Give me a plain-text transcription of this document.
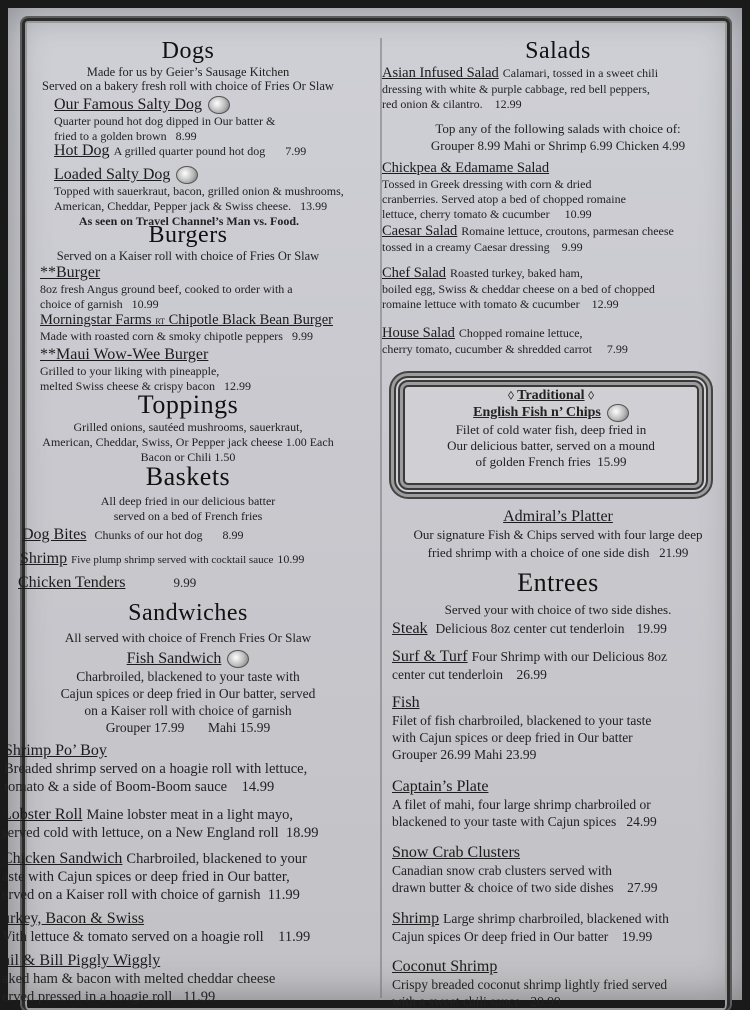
Dogs
Made for us by Geier’s Sausage Kitchen
Served on a bakery fresh roll with choice of Fries Or Slaw
Our Famous Salty Dog
Quarter pound hot dog dipped in Our batter &
fried to a golden brown 8.99
Hot Dog A grilled quarter pound hot dog 7.99
Loaded Salty Dog
Topped with sauerkraut, bacon, grilled onion & mushrooms,
American, Cheddar, Pepper jack & Swiss cheese. 13.99
As seen on Travel Channel’s Man vs. Food.
Burgers
Served on a Kaiser roll with choice of Fries Or Slaw
**Burger
8oz fresh Angus ground beef, cooked to order with a
choice of garnish 10.99
Morningstar Farms RT Chipotle Black Bean Burger
Made with roasted corn & smoky chipotle peppers 9.99
**Maui Wow-Wee Burger
Grilled to your liking with pineapple,
melted Swiss cheese & crispy bacon 12.99
Toppings
Grilled onions, sautéed mushrooms, sauerkraut,
American, Cheddar, Swiss, Or Pepper jack cheese 1.00 Each
Bacon or Chili 1.50
Baskets
All deep fried in our delicious batter
served on a bed of French fries
Dog Bites Chunks of our hot dog 8.99
Shrimp Five plump shrimp served with cocktail sauce 10.99
Chicken Tenders	9.99
Sandwiches
All served with choice of French Fries Or Slaw
Fish Sandwich
Charbroiled, blackened to your taste with
Cajun spices or deep fried in Our batter, served
on a Kaiser roll with choice of garnish
Grouper 17.99 Mahi 15.99
Shrimp Po’ Boy
Breaded shrimp served on a hoagie roll with lettuce,
tomato & a side of Boom-Boom sauce 14.99
Lobster Roll Maine lobster meat in a light mayo,
served cold with lettuce, on a New England roll 18.99
Chicken Sandwich Charbroiled, blackened to your
aste with Cajun spices or deep fried in Our batter,
erved on a Kaiser roll with choice of garnish 11.99
urkey, Bacon & Swiss
Vith lettuce & tomato served on a hoagie roll 11.99
hil & Bill Piggly Wiggly
aked ham & bacon with melted cheddar cheese
erved pressed in a hoagie roll 11.99
Salads
Asian Infused Salad Calamari, tossed in a sweet chili
dressing with white & purple cabbage, red bell peppers,
red onion & cilantro. 12.99
Top any of the following salads with choice of:
Grouper 8.99 Mahi or Shrimp 6.99 Chicken 4.99
Chickpea & Edamame Salad
Tossed in Greek dressing with corn & dried
cranberries. Served atop a bed of chopped romaine
lettuce, cherry tomato & cucumber 10.99
Caesar Salad Romaine lettuce, croutons, parmesan cheese
tossed in a creamy Caesar dressing 9.99
Chef Salad Roasted turkey, baked ham,
boiled egg, Swiss & cheddar cheese on a bed of chopped
romaine lettuce with tomato & cucumber 12.99
House Salad Chopped romaine lettuce,
cherry tomato, cucumber & shredded carrot 7.99
◊ Traditional ◊
English Fish n’ Chips
Filet of cold water fish, deep fried in
Our delicious batter, served on a mound
of golden French fries 15.99
Admiral’s Platter
Our signature Fish & Chips served with four large deep
fried shrimp with a choice of one side dish 21.99
Entrees
Served your with choice of two side dishes.
Steak Delicious 8oz center cut tenderloin 19.99
Surf & Turf Four Shrimp with our Delicious 8oz
center cut tenderloin 26.99
Fish
Filet of fish charbroiled, blackened to your taste
with Cajun spices or deep fried in Our batter
Grouper 26.99 Mahi 23.99
Captain’s Plate
A filet of mahi, four large shrimp charbroiled or
blackened to your taste with Cajun spices 24.99
Snow Crab Clusters
Canadian snow crab clusters served with
drawn butter & choice of two side dishes 27.99
Shrimp Large shrimp charbroiled, blackened with
Cajun spices Or deep fried in Our batter 19.99
Coconut Shrimp
Crispy breaded coconut shrimp lightly fried served
with a sweet chili sauce 20.99
